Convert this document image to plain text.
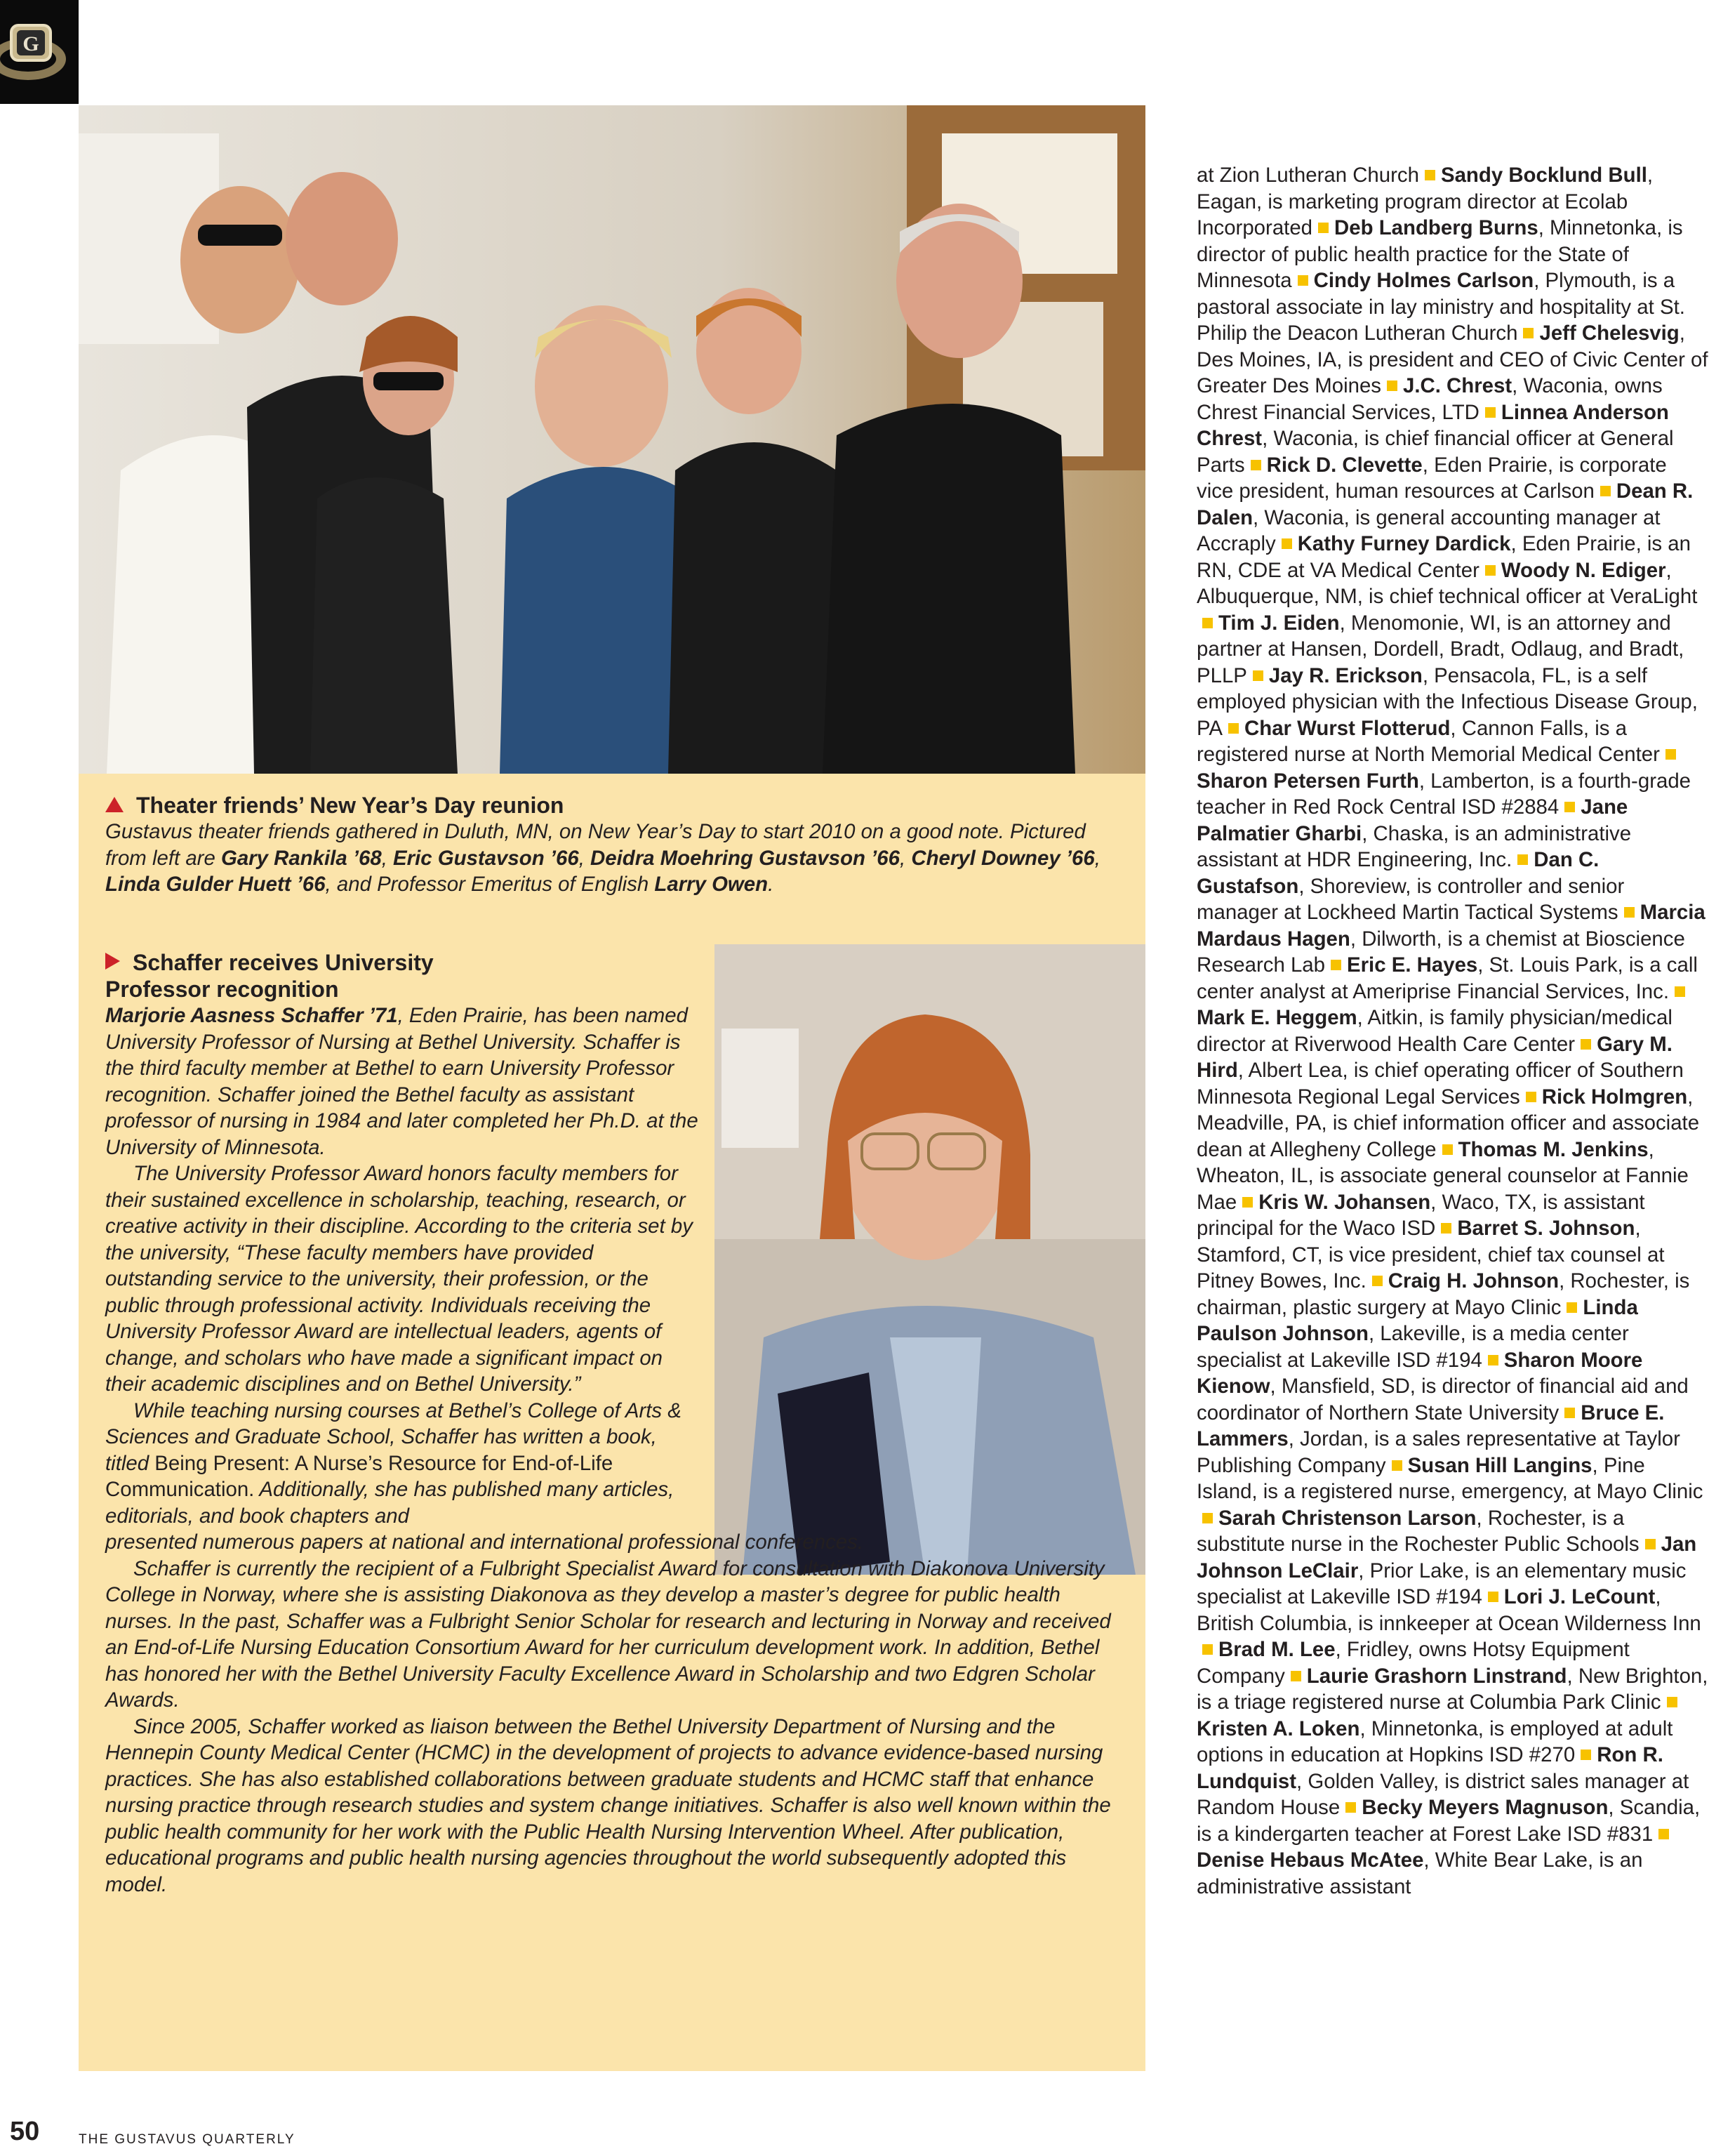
G

Theater friends’ New Year’s Day reunion

Gustavus theater friends gathered in Duluth, MN, on New Year’s Day to start 2010 on a good note. Pictured from left are Gary Rankila ’68, Eric Gustavson ’66, Deidra Moehring Gustavson ’66, Cheryl Downey ’66, Linda Gulder Huett ’66, and Professor Emeritus of English Larry Owen.

Schaffer receives University
Professor recognition

Marjorie Aasness Schaffer ’71, Eden Prairie, has been named University Professor of Nursing at Bethel University. Schaffer is the third faculty member at Bethel to earn University Professor recognition. Schaffer joined the Bethel faculty as assistant professor of nursing in 1984 and later completed her Ph.D. at the University of Minnesota.

The University Professor Award honors faculty members for their sustained excellence in scholarship, teaching, research, or creative activity in their discipline. According to the criteria set by the university, “These faculty members have provided outstanding service to the university, their profession, or the public through professional activity. Individuals receiving the University Professor Award are intellectual leaders, agents of change, and scholars who have made a significant impact on their academic disciplines and on Bethel University.”

While teaching nursing courses at Bethel’s College of Arts & Sciences and Graduate School, Schaffer has written a book, titled Being Present: A Nurse’s Resource for End-of-Life Communication. Additionally, she has published many articles, editorials, and book chapters and

presented numerous papers at national and international professional conferences.

Schaffer is currently the recipient of a Fulbright Specialist Award for consultation with Diakonova University College in Norway, where she is assisting Diakonova as they develop a master’s degree for public health nurses. In the past, Schaffer was a Fulbright Senior Scholar for research and lecturing in Norway and received an End-of-Life Nursing Education Consortium Award for her curriculum development work. In addition, Bethel has honored her with the Bethel University Faculty Excellence Award in Scholarship and two Edgren Scholar Awards.

Since 2005, Schaffer worked as liaison between the Bethel University Department of Nursing and the Hennepin County Medical Center (HCMC) in the development of projects to advance evidence-based nursing practices. She has also established collaborations between graduate students and HCMC staff that enhance nursing practice through research studies and system change initiatives. Schaffer is also well known within the public health community for her work with the Public Health Nursing Intervention Wheel. After publication, educational programs and public health nursing agencies throughout the world subsequently adopted this model.

at Zion Lutheran Church Sandy Bocklund Bull, Eagan, is marketing program director at Ecolab Incorporated Deb Landberg Burns, Minnetonka, is director of public health practice for the State of Minnesota Cindy Holmes Carlson, Plymouth, is a pastoral associate in lay ministry and hospitality at St. Philip the Deacon Lutheran Church Jeff Chelesvig, Des Moines, IA, is president and CEO of Civic Center of Greater Des Moines J.C. Chrest, Waconia, owns Chrest Financial Services, LTD Linnea Anderson Chrest, Waconia, is chief financial officer at General Parts Rick D. Clevette, Eden Prairie, is corporate vice president, human resources at Carlson Dean R. Dalen, Waconia, is general accounting manager at Accraply Kathy Furney Dardick, Eden Prairie, is an RN, CDE at VA Medical Center Woody N. Ediger, Albuquerque, NM, is chief technical officer at VeraLightTim J. Eiden, Menomonie, WI, is an attorney and partner at Hansen, Dordell, Bradt, Odlaug, and Bradt, PLLP Jay R. Erickson, Pensacola, FL, is a self employed physician with the Infectious Disease Group, PA Char Wurst Flotterud, Cannon Falls, is a registered nurse at North Memorial Medical CenterSharon Petersen Furth, Lamberton, is a fourth-grade teacher in Red Rock Central ISD #2884 Jane Palmatier Gharbi, Chaska, is an administrative assistant at HDR Engineering, Inc. Dan C. Gustafson, Shoreview, is controller and senior manager at Lockheed Martin Tactical Systems Marcia Mardaus Hagen, Dilworth, is a chemist at Bioscience Research Lab Eric E. Hayes, St. Louis Park, is a call center analyst at Ameriprise Financial Services, Inc.Mark E. Heggem, Aitkin, is family physician/medical director at Riverwood Health Care Center Gary M. Hird, Albert Lea, is chief operating officer of Southern Minnesota Regional Legal Services Rick Holmgren, Meadville, PA, is chief information officer and associate dean at Allegheny College Thomas M. Jenkins, Wheaton, IL, is associate general counselor at Fannie Mae Kris W. Johansen, Waco, TX, is assistant principal for the Waco ISD Barret S. Johnson, Stamford, CT, is vice president, chief tax counsel at Pitney Bowes, Inc. Craig H. Johnson, Rochester, is chairman, plastic surgery at Mayo Clinic Linda Paulson Johnson, Lakeville, is a media center specialist at Lakeville ISD #194 Sharon Moore Kienow, Mansfield, SD, is director of financial aid and coordinator of Northern State University Bruce E. Lammers, Jordan, is a sales representative at Taylor Publishing Company Susan Hill Langins, Pine Island, is a registered nurse, emergency, at Mayo ClinicSarah Christenson Larson, Rochester, is a substitute nurse in the Rochester Public Schools Jan Johnson LeClair, Prior Lake, is an elementary music specialist at Lakeville ISD #194 Lori J. LeCount, British Columbia, is innkeeper at Ocean Wilderness InnBrad M. Lee, Fridley, owns Hotsy Equipment Company Laurie Grashorn Linstrand, New Brighton, is a triage registered nurse at Columbia Park ClinicKristen A. Loken, Minnetonka, is employed at adult options in education at Hopkins ISD #270 Ron R. Lundquist, Golden Valley, is district sales manager at Random House Becky Meyers Magnuson, Scandia, is a kindergarten teacher at Forest Lake ISD #831Denise Hebaus McAtee, White Bear Lake, is an administrative assistant
50	THE GUSTAVUS QUARTERLY
